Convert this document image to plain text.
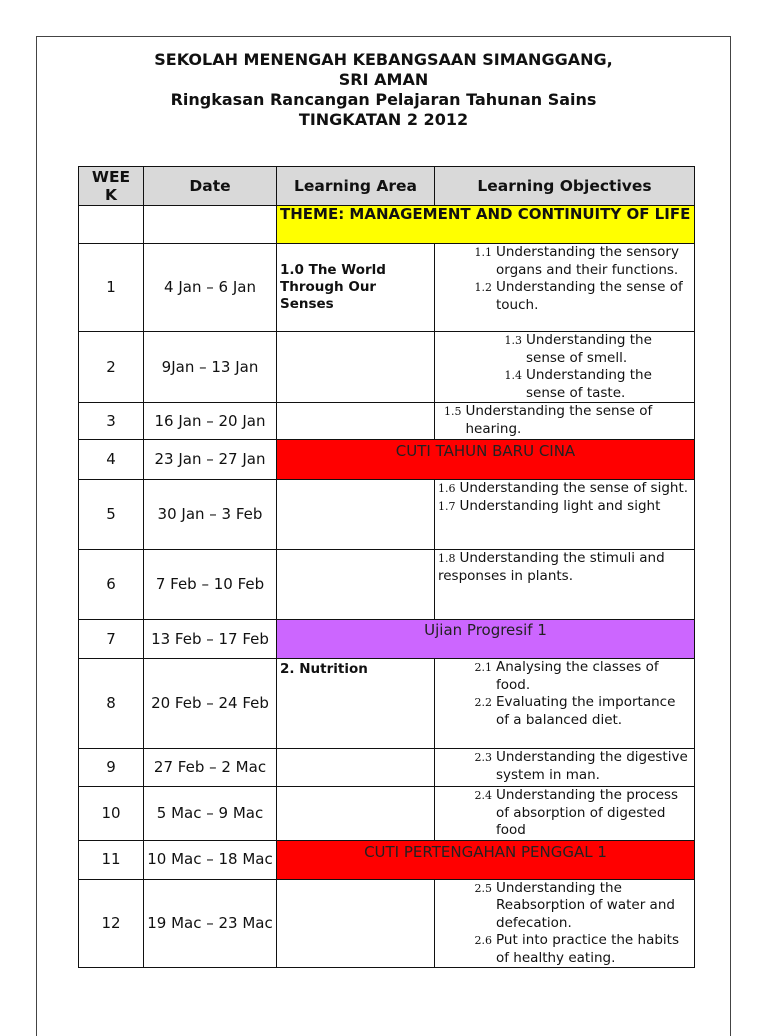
SEKOLAH MENENGAH KEBANGSAAN SIMANGGANG,
SRI AMAN
Ringkasan Rancangan Pelajaran Tahunan Sains
TINGKATAN 2 2012
WEEK	Date	Learning Area	Learning Objectives
		THEME: MANAGEMENT AND CONTINUITY OF LIFE	
1	4 Jan – 6 Jan	1.0 The World Through Our Senses	1.1 Understanding the sensory organs and their functions.
1.2 Understanding the sense of touch.

2	9Jan – 13 Jan		1.3 Understanding the sense of smell.
1.4 Understanding the sense of taste.

3	16 Jan – 20 Jan		1.5 Understanding the sense of hearing.

4	23 Jan – 27 Jan	CUTI TAHUN BARU CINA	
5	30 Jan – 3 Feb		1.6 Understanding the sense of sight.
1.7 Understanding light and sight

6	7 Feb – 10 Feb		1.8 Understanding the stimuli and
responses in plants.

7	13 Feb – 17 Feb	Ujian Progresif 1	
8	20 Feb – 24 Feb	2. Nutrition	2.1 Analysing the classes of food.
2.2 Evaluating the importance of a balanced diet.

9	27 Feb – 2 Mac		2.3 Understanding the digestive system in man.

10	5 Mac – 9 Mac		2.4 Understanding the process of absorption of digested food

11	10 Mac – 18 Mac	CUTI PERTENGAHAN PENGGAL 1	
12	19 Mac – 23 Mac		2.5 Understanding the Reabsorption of water and defecation.
2.6 Put into practice the habits of healthy eating.
